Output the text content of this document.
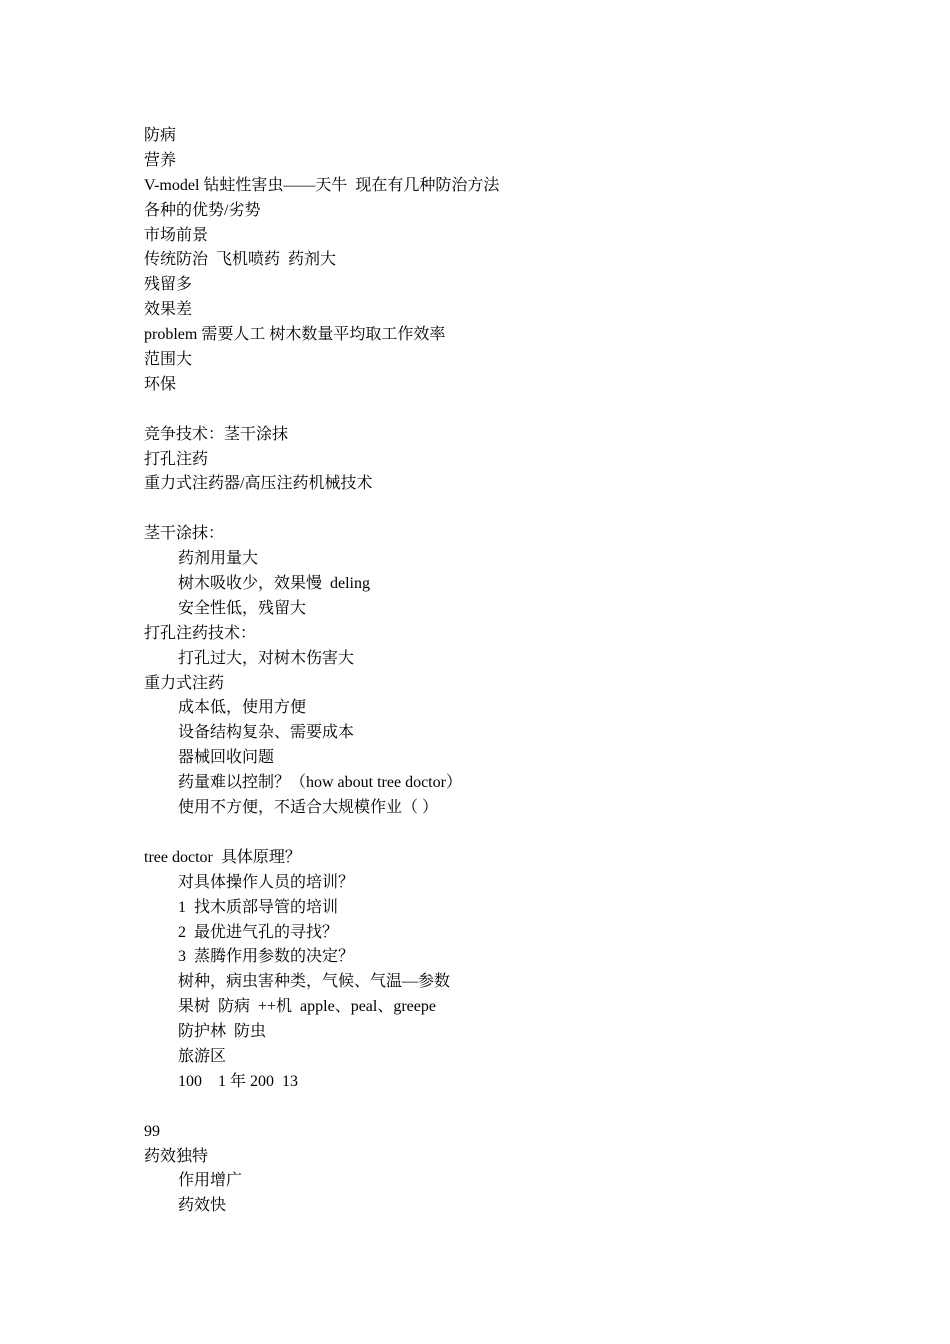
防病
营养
V-model 钻蛀性害虫——天牛  现在有几种防治方法
各种的优势/劣势
市场前景
传统防治  飞机喷药  药剂大
残留多
效果差
problem 需要人工 树木数量平均取工作效率
范围大
环保
竞争技术：茎干涂抹
打孔注药
重力式注药器/高压注药机械技术
茎干涂抹：
药剂用量大
树木吸收少，效果慢  deling
安全性低，残留大
打孔注药技术：
打孔过大，对树木伤害大
重力式注药
成本低，使用方便
设备结构复杂、需要成本
器械回收问题
药量难以控制？（how about tree doctor）
使用不方便，不适合大规模作业（ ）
tree doctor  具体原理？
对具体操作人员的培训？
1  找木质部导管的培训
2  最优进气孔的寻找？
3  蒸腾作用参数的决定？
树种，病虫害种类，气候、气温—参数
果树  防病  ++机  apple、peal、greepe
防护林  防虫
旅游区
100    1 年 200  13
99
药效独特
作用增广
药效快
